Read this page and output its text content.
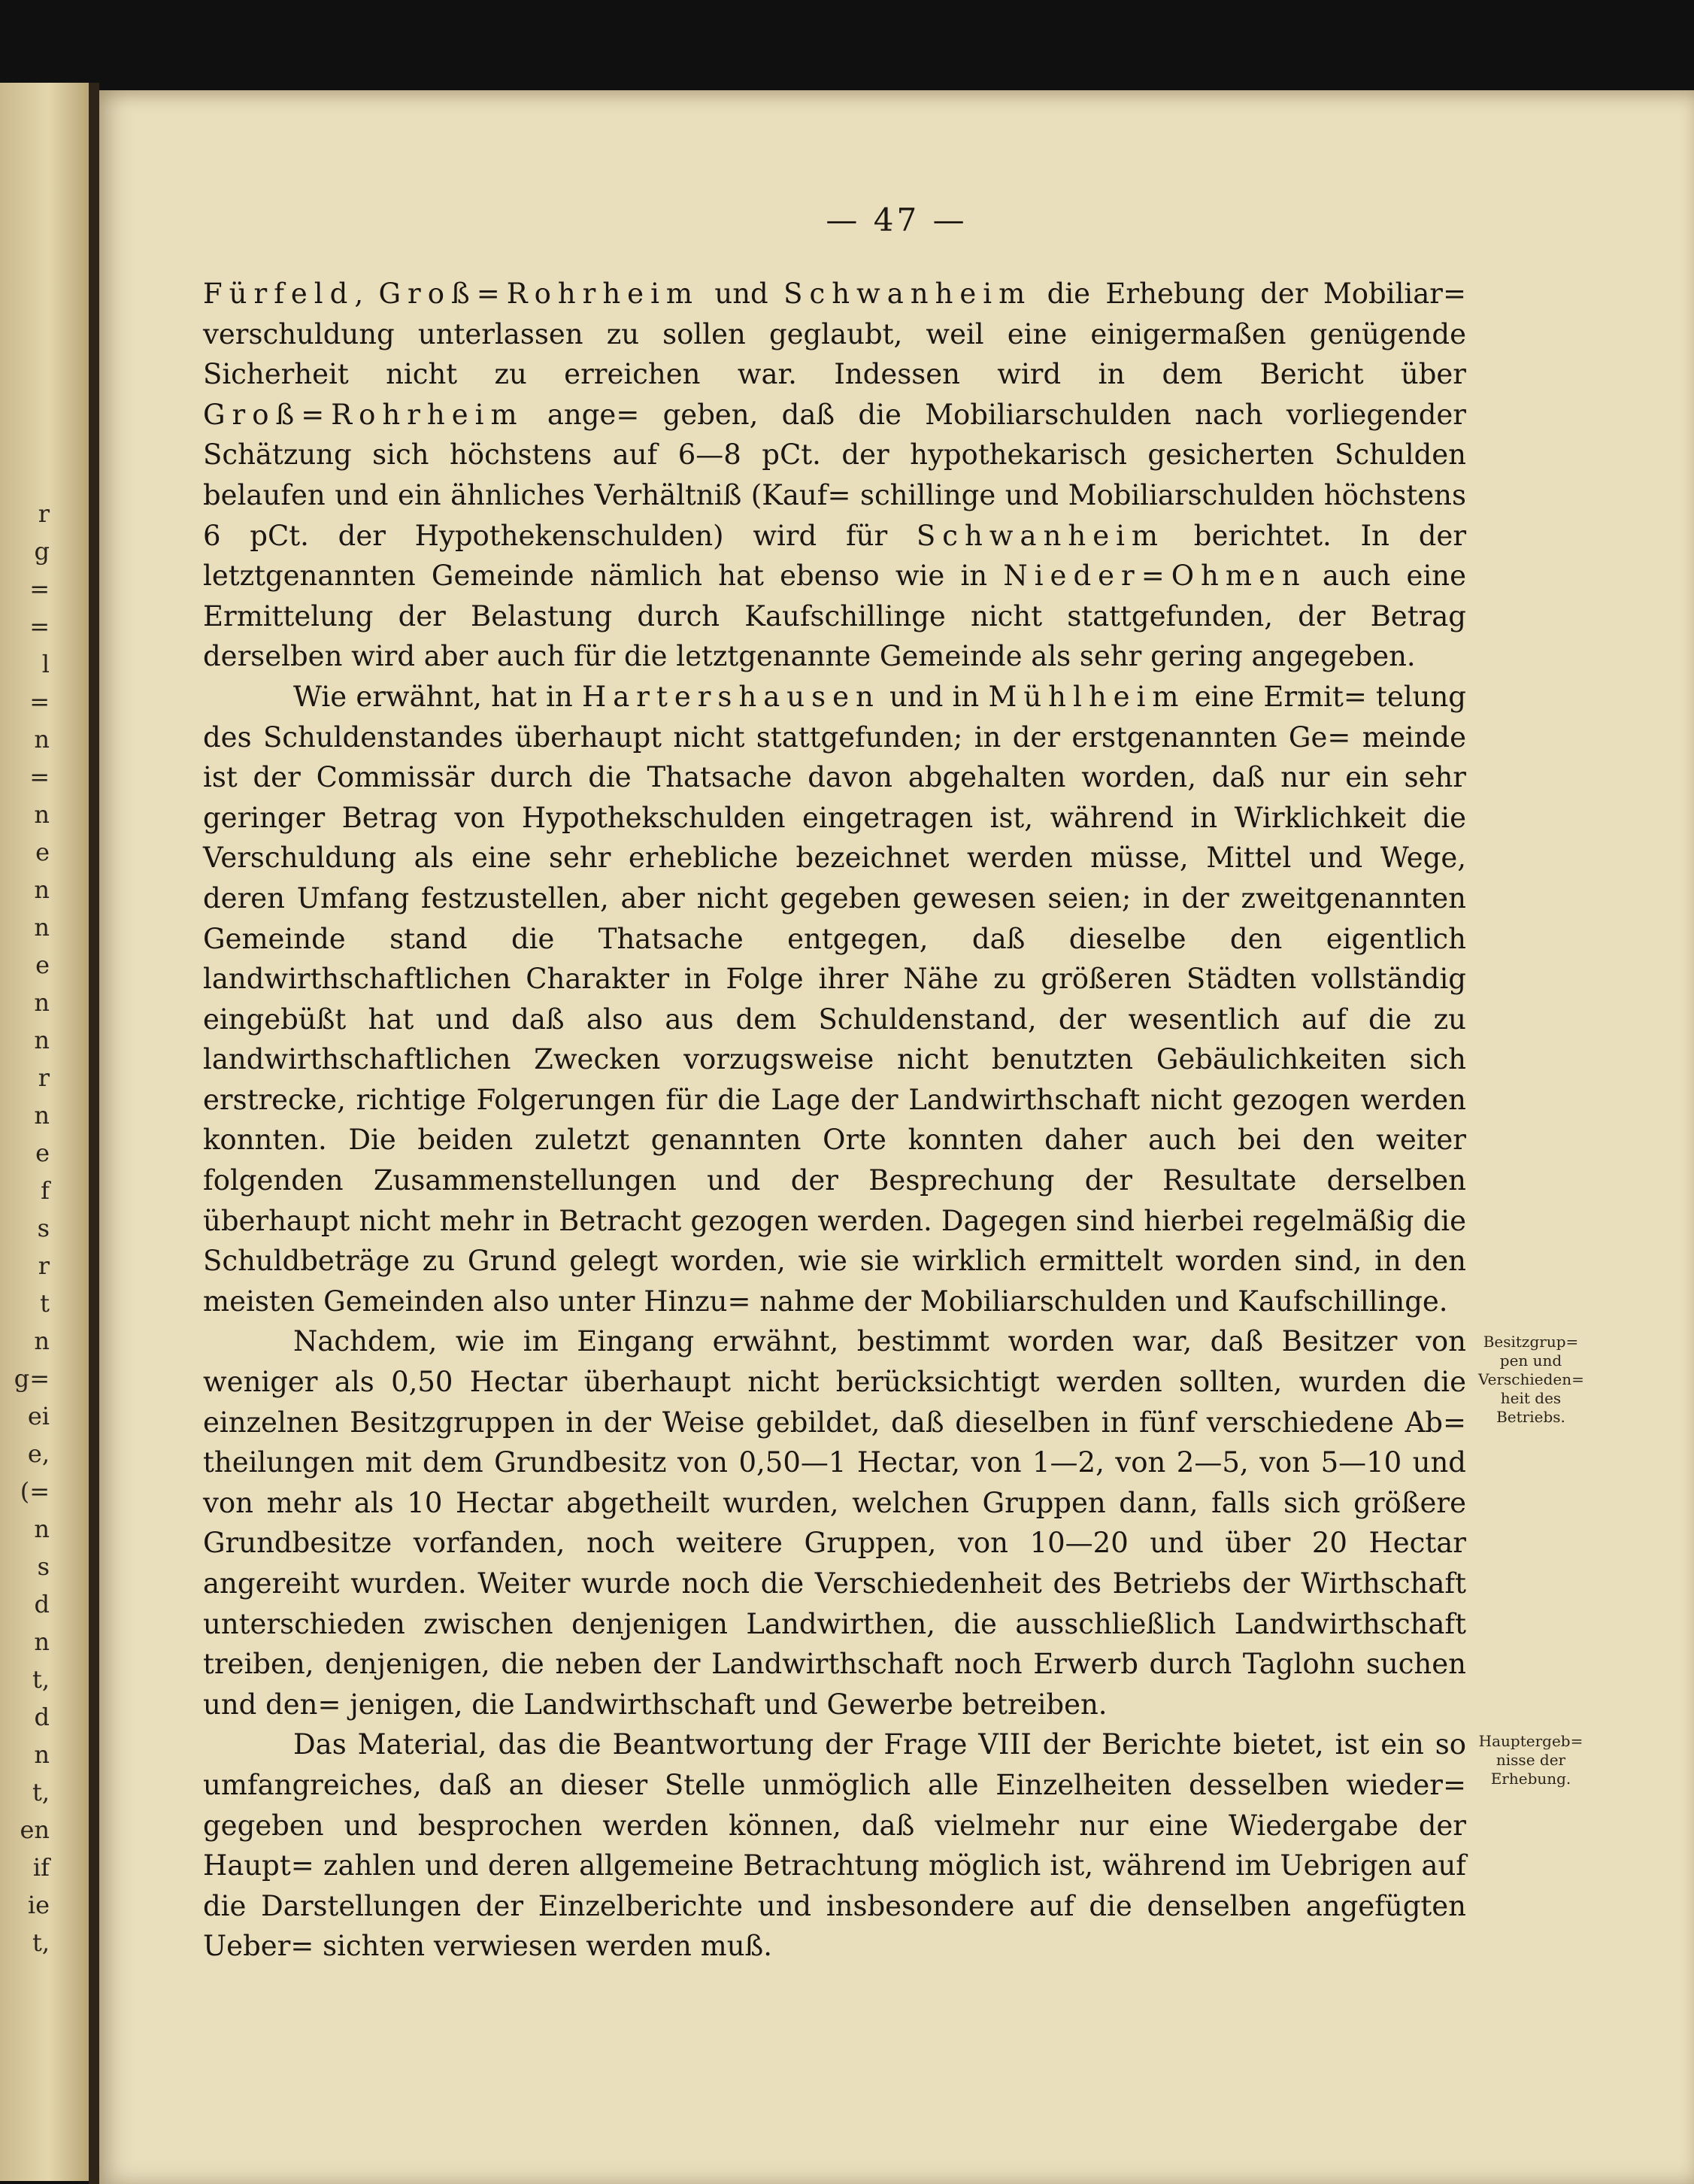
r
g
=
=
l
=
n
=
n
e
n
n
e
n
n
r
n
e
f
s
r
t
n
g=
ei
e,
(=
n
s
d
n
t,
d
n
t,
en
if
ie
t,
— 47 —

Fürfeld, Groß=Rohrheim und Schwanheim die Erhebung der Mobiliar= verschuldung unterlassen zu sollen geglaubt, weil eine einigermaßen genügende Sicherheit nicht zu erreichen war. Indessen wird in dem Bericht über Groß=Rohrheim ange= geben, daß die Mobiliarschulden nach vorliegender Schätzung sich höchstens auf 6—8 pCt. der hypothekarisch gesicherten Schulden belaufen und ein ähnliches Verhältniß (Kauf= schillinge und Mobiliarschulden höchstens 6 pCt. der Hypothekenschulden) wird für Schwanheim berichtet. In der letztgenannten Gemeinde nämlich hat ebenso wie in Nieder=Ohmen auch eine Ermittelung der Belastung durch Kaufschillinge nicht stattgefunden, der Betrag derselben wird aber auch für die letztgenannte Gemeinde als sehr gering angegeben.

Wie erwähnt, hat in Hartershausen und in Mühlheim eine Ermit= telung des Schuldenstandes überhaupt nicht stattgefunden; in der erstgenannten Ge= meinde ist der Commissär durch die Thatsache davon abgehalten worden, daß nur ein sehr geringer Betrag von Hypothekschulden eingetragen ist, während in Wirklichkeit die Verschuldung als eine sehr erhebliche bezeichnet werden müsse, Mittel und Wege, deren Umfang festzustellen, aber nicht gegeben gewesen seien; in der zweitgenannten Gemeinde stand die Thatsache entgegen, daß dieselbe den eigentlich landwirthschaftlichen Charakter in Folge ihrer Nähe zu größeren Städten vollständig eingebüßt hat und daß also aus dem Schuldenstand, der wesentlich auf die zu landwirthschaftlichen Zwecken vorzugsweise nicht benutzten Gebäulichkeiten sich erstrecke, richtige Folgerungen für die Lage der Landwirthschaft nicht gezogen werden konnten. Die beiden zuletzt genannten Orte konnten daher auch bei den weiter folgenden Zusammenstellungen und der Besprechung der Resultate derselben überhaupt nicht mehr in Betracht gezogen werden. Dagegen sind hierbei regelmäßig die Schuldbeträge zu Grund gelegt worden, wie sie wirklich ermittelt worden sind, in den meisten Gemeinden also unter Hinzu= nahme der Mobiliarschulden und Kaufschillinge.

Nachdem, wie im Eingang erwähnt, bestimmt worden war, daß Besitzer von weniger als 0,50 Hectar überhaupt nicht berücksichtigt werden sollten, wurden die einzelnen Besitzgruppen in der Weise gebildet, daß dieselben in fünf verschiedene Ab= theilungen mit dem Grundbesitz von 0,50—1 Hectar, von 1—2, von 2—5, von 5—10 und von mehr als 10 Hectar abgetheilt wurden, welchen Gruppen dann, falls sich größere Grundbesitze vorfanden, noch weitere Gruppen, von 10—20 und über 20 Hectar angereiht wurden. Weiter wurde noch die Verschiedenheit des Betriebs der Wirthschaft unterschieden zwischen denjenigen Landwirthen, die ausschließlich Landwirthschaft treiben, denjenigen, die neben der Landwirthschaft noch Erwerb durch Taglohn suchen und den= jenigen, die Landwirthschaft und Gewerbe betreiben.

Das Material, das die Beantwortung der Frage VIII der Berichte bietet, ist ein so umfangreiches, daß an dieser Stelle unmöglich alle Einzelheiten desselben wieder= gegeben und besprochen werden können, daß vielmehr nur eine Wiedergabe der Haupt= zahlen und deren allgemeine Betrachtung möglich ist, während im Uebrigen auf die Darstellungen der Einzelberichte und insbesondere auf die denselben angefügten Ueber= sichten verwiesen werden muß.

Besitzgrup=
pen und
Verschieden=
heit des
Betriebs.
Hauptergeb=
nisse der
Erhebung.
